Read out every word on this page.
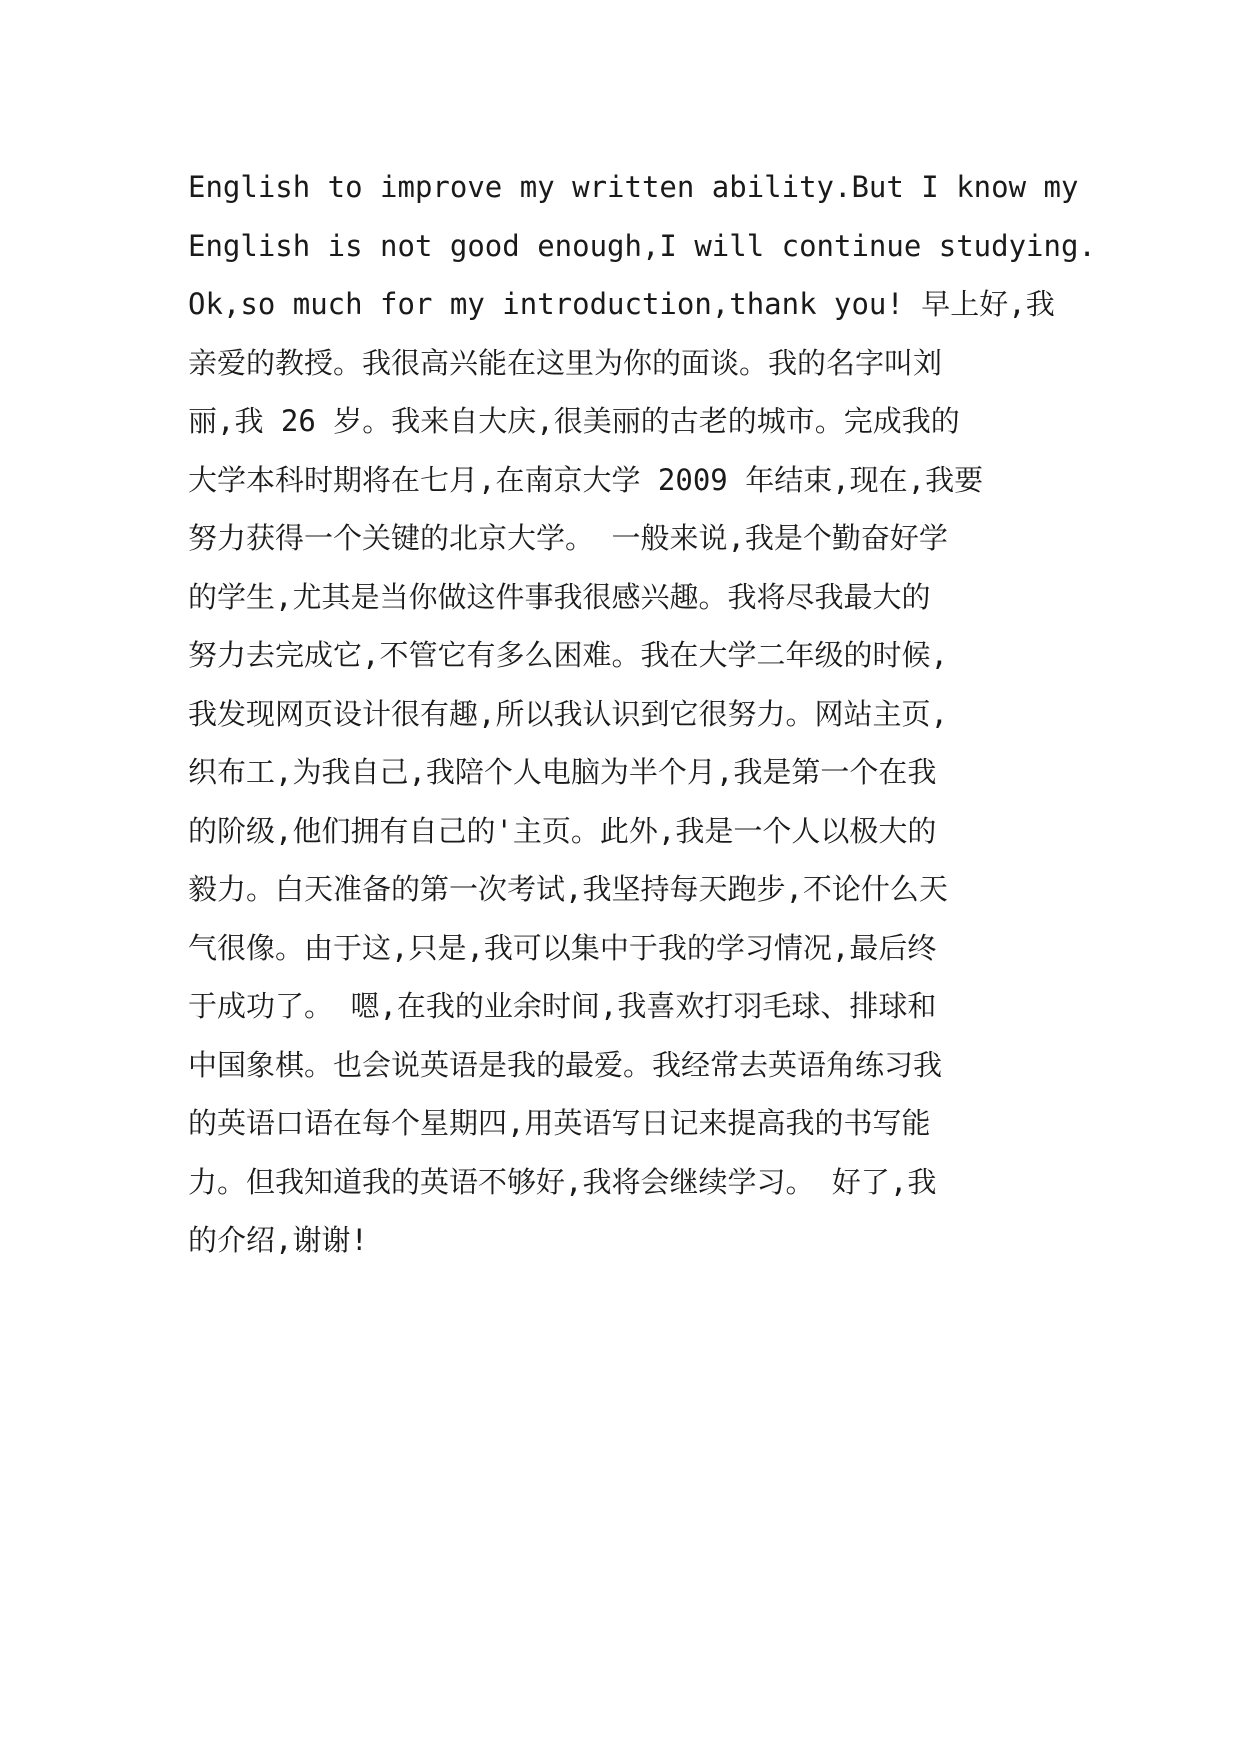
English to improve my written ability.But I know my
English is not good enough,I will continue studying.
Ok,so much for my introduction,thank you! 早上好,我
亲爱的教授。我很高兴能在这里为你的面谈。我的名字叫刘
丽,我 26 岁。我来自大庆,很美丽的古老的城市。完成我的
大学本科时期将在七月,在南京大学 2009 年结束,现在,我要
努力获得一个关键的北京大学。 一般来说,我是个勤奋好学
的学生,尤其是当你做这件事我很感兴趣。我将尽我最大的
努力去完成它,不管它有多么困难。我在大学二年级的时候,
我发现网页设计很有趣,所以我认识到它很努力。网站主页,
织布工,为我自己,我陪个人电脑为半个月,我是第一个在我
的阶级,他们拥有自己的'主页。此外,我是一个人以极大的
毅力。白天准备的第一次考试,我坚持每天跑步,不论什么天
气很像。由于这,只是,我可以集中于我的学习情况,最后终
于成功了。 嗯,在我的业余时间,我喜欢打羽毛球、排球和
中国象棋。也会说英语是我的最爱。我经常去英语角练习我
的英语口语在每个星期四,用英语写日记来提高我的书写能
力。但我知道我的英语不够好,我将会继续学习。 好了,我
的介绍,谢谢!
